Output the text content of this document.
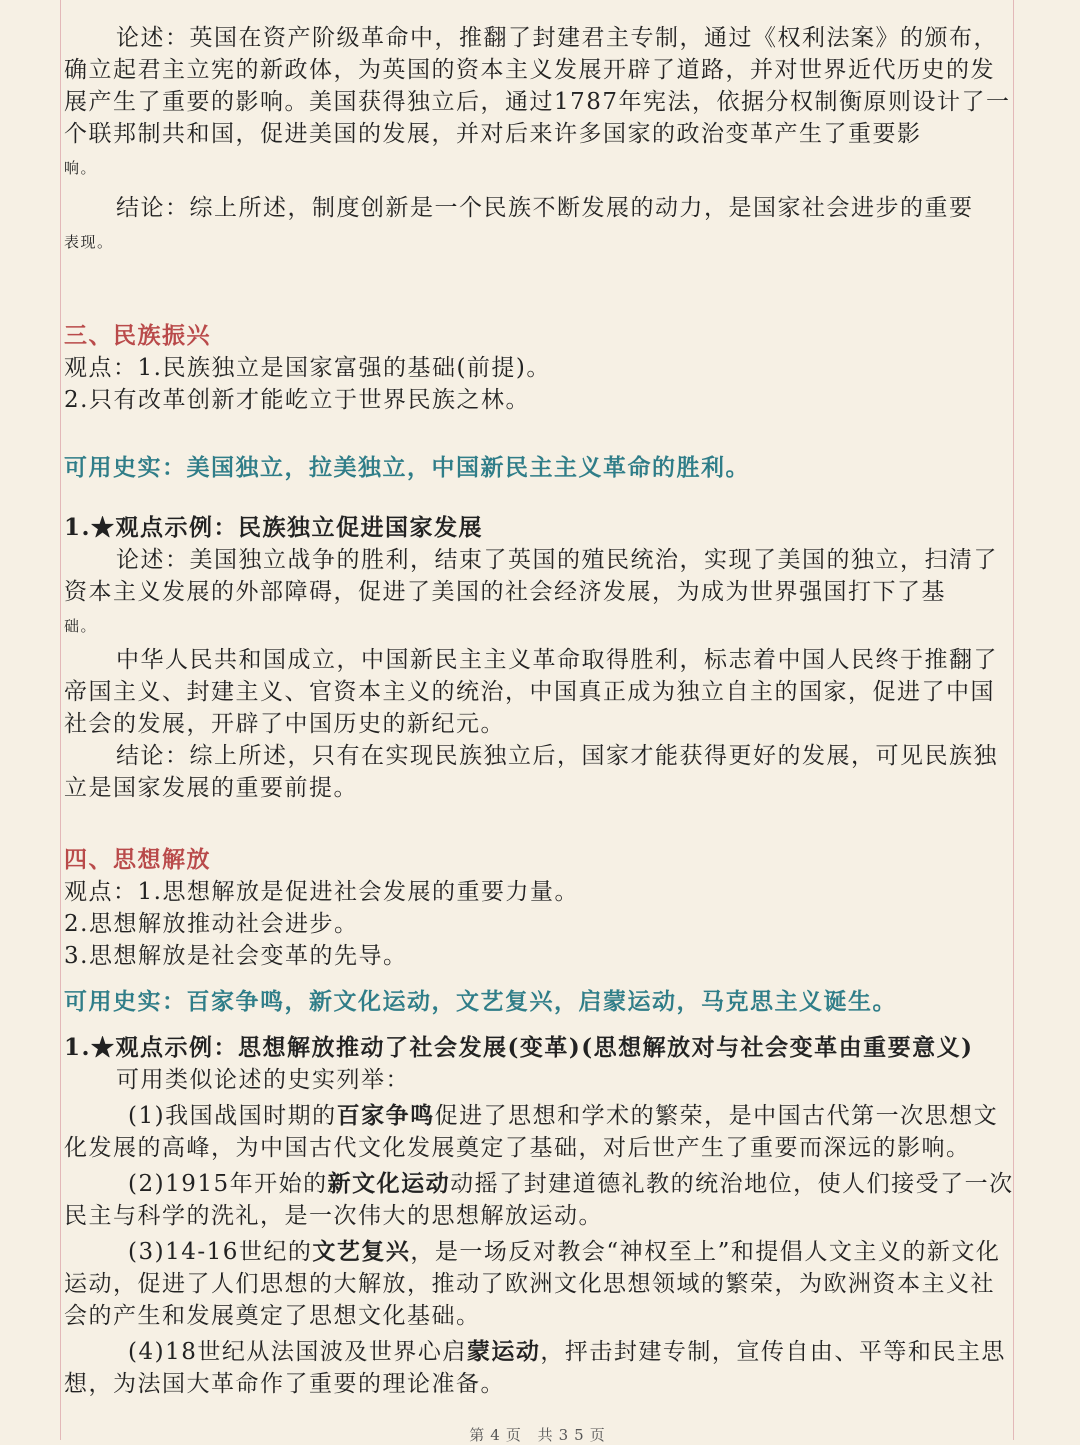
论述：英国在资产阶级革命中，推翻了封建君主专制，通过《权利法案》的颁布，确立起君主立宪的新政体，为英国的资本主义发展开辟了道路，并对世界近代历史的发展产生了重要的影响。美国获得独立后，通过1787年宪法，依据分权制衡原则设计了一个联邦制共和国，促进美国的发展，并对后来许多国家的政治变革产生了重要影
响。

结论：综上所述，制度创新是一个民族不断发展的动力，是国家社会进步的重要
表现。

三、民族振兴

观点：1.民族独立是国家富强的基础(前提)。

2.只有改革创新才能屹立于世界民族之林。

可用史实：美国独立，拉美独立，中国新民主主义革命的胜利。

1.★观点示例：民族独立促进国家发展

论述：美国独立战争的胜利，结束了英国的殖民统治，实现了美国的独立，扫清了资本主义发展的外部障碍，促进了美国的社会经济发展，为成为世界强国打下了基
础。

中华人民共和国成立，中国新民主主义革命取得胜利，标志着中国人民终于推翻了帝国主义、封建主义、官资本主义的统治，中国真正成为独立自主的国家，促进了中国社会的发展，开辟了中国历史的新纪元。

结论：综上所述，只有在实现民族独立后，国家才能获得更好的发展，可见民族独立是国家发展的重要前提。

四、思想解放

观点：1.思想解放是促进社会发展的重要力量。

2.思想解放推动社会进步。

3.思想解放是社会变革的先导。

可用史实：百家争鸣，新文化运动，文艺复兴，启蒙运动，马克思主义诞生。

1.★观点示例：思想解放推动了社会发展(变革)(思想解放对与社会变革由重要意义)

可用类似论述的史实列举：

(1)我国战国时期的百家争鸣促进了思想和学术的繁荣，是中国古代第一次思想文化发展的高峰，为中国古代文化发展奠定了基础，对后世产生了重要而深远的影响。

(2)1915年开始的新文化运动动摇了封建道德礼教的统治地位，使人们接受了一次民主与科学的洗礼，是一次伟大的思想解放运动。

(3)14-16世纪的文艺复兴，是一场反对教会“神权至上”和提倡人文主义的新文化运动，促进了人们思想的大解放，推动了欧洲文化思想领域的繁荣，为欧洲资本主义社会的产生和发展奠定了思想文化基础。

(4)18世纪从法国波及世界心启蒙运动，抨击封建专制，宣传自由、平等和民主思想，为法国大革命作了重要的理论准备。

第4页 共35页
